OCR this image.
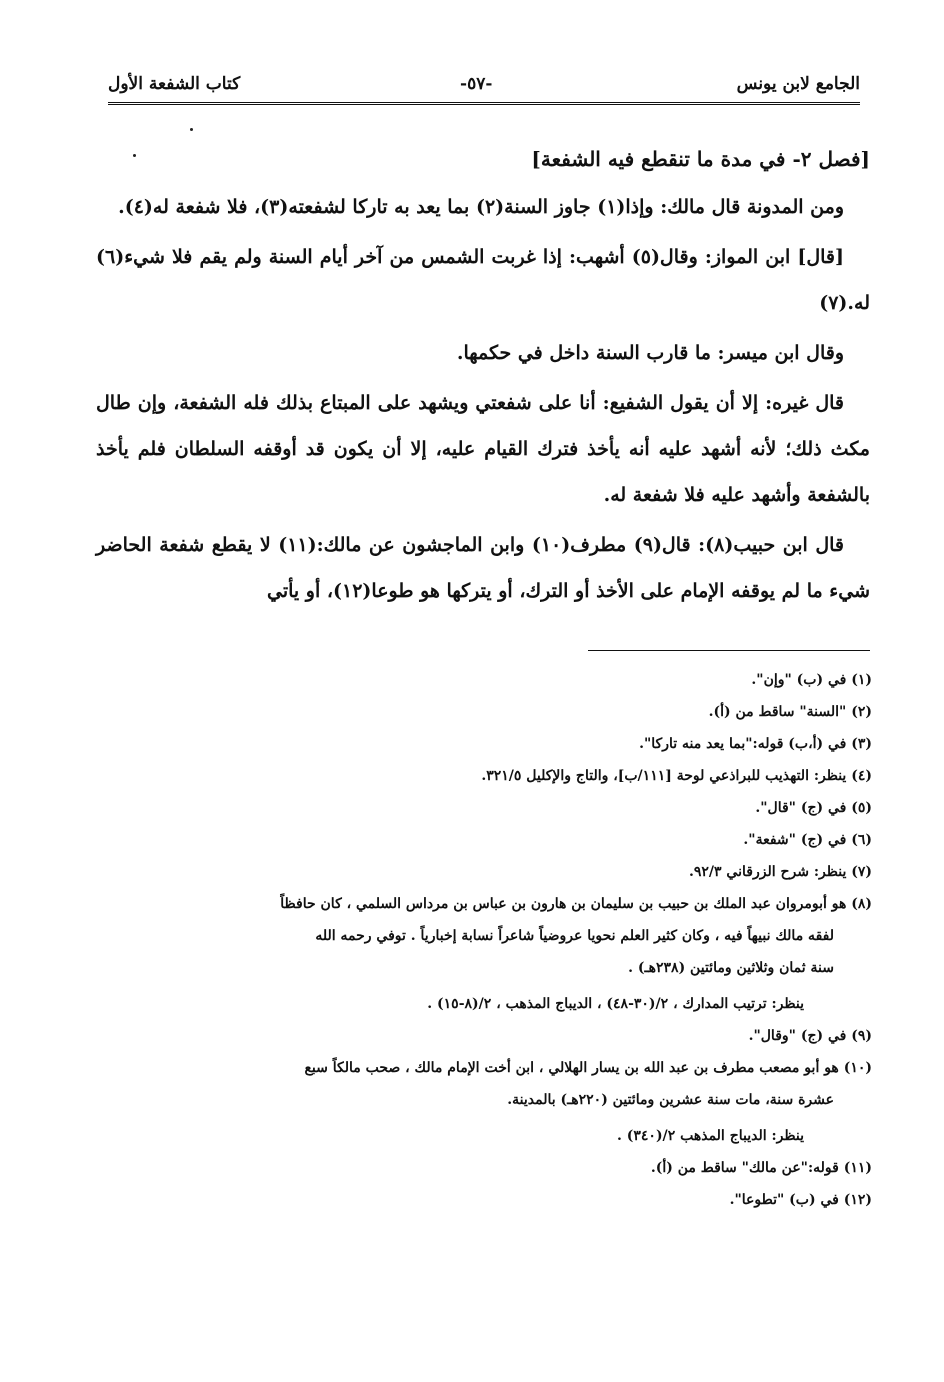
الجامع لابن يونس
-٥٧-
كتاب الشفعة الأول
[فصل ٢- في مدة ما تنقطع فيه الشفعة]

ومن المدونة قال مالك: وإذا(١) جاوز السنة(٢) بما يعد به تاركا لشفعته(٣)، فلا شفعة له(٤).

[قال] ابن المواز: وقال(٥) أشهب: إذا غربت الشمس من آخر أيام السنة ولم يقم فلا شيء(٦) له.(٧)

وقال ابن ميسر: ما قارب السنة داخل في حكمها.

قال غيره: إلا أن يقول الشفيع: أنا على شفعتي ويشهد على المبتاع بذلك فله الشفعة، وإن طال مكث ذلك؛ لأنه أشهد عليه أنه يأخذ فترك القيام عليه، إلا أن يكون قد أوقفه السلطان فلم يأخذ بالشفعة وأشهد عليه فلا شفعة له.

قال ابن حبيب(٨): قال(٩) مطرف(١٠) وابن الماجشون عن مالك:(١١) لا يقطع شفعة الحاضر شيء ما لم يوقفه الإمام على الأخذ أو الترك، أو يتركها هو طوعا(١٢)، أو يأتي

(١) في (ب) "وإن".

(٢) "السنة" ساقط من (أ).

(٣) في (أ،ب) قوله:"بما يعد منه تاركا".

(٤) ينظر: التهذيب للبراذعي لوحة [١١١/ب]، والتاج والإكليل ٣٢١/٥.

(٥) في (ج) "قال".

(٦) في (ج) "شفعة".

(٧) ينظر: شرح الزرقاني ٩٢/٣.

(٨) هو أبومروان عبد الملك بن حبيب بن سليمان بن هارون بن عباس بن مرداس السلمي ، كان حافظاً

لفقه مالك نبيهاً فيه ، وكان كثير العلم نحويا عروضياً شاعراً نسابة إخبارياً . توفي رحمه الله

سنة ثمان وثلاثين ومائتين (٢٣٨هـ) .

ينظر: ترتيب المدارك ، ٢/(٣٠-٤٨) ، الديباج المذهب ، ٢/(٨-١٥) .

(٩) في (ج) "وقال".

(١٠) هو أبو مصعب مطرف بن عبد الله بن يسار الهلالي ، ابن أخت الإمام مالك ، صحب مالكاً سبع

عشرة سنة، مات سنة عشرين ومائتين (٢٢٠هـ) بالمدينة.

ينظر: الديباج المذهب ٢/(٣٤٠) .

(١١) قوله:"عن مالك" ساقط من (أ).

(١٢) في (ب) "تطوعا".
